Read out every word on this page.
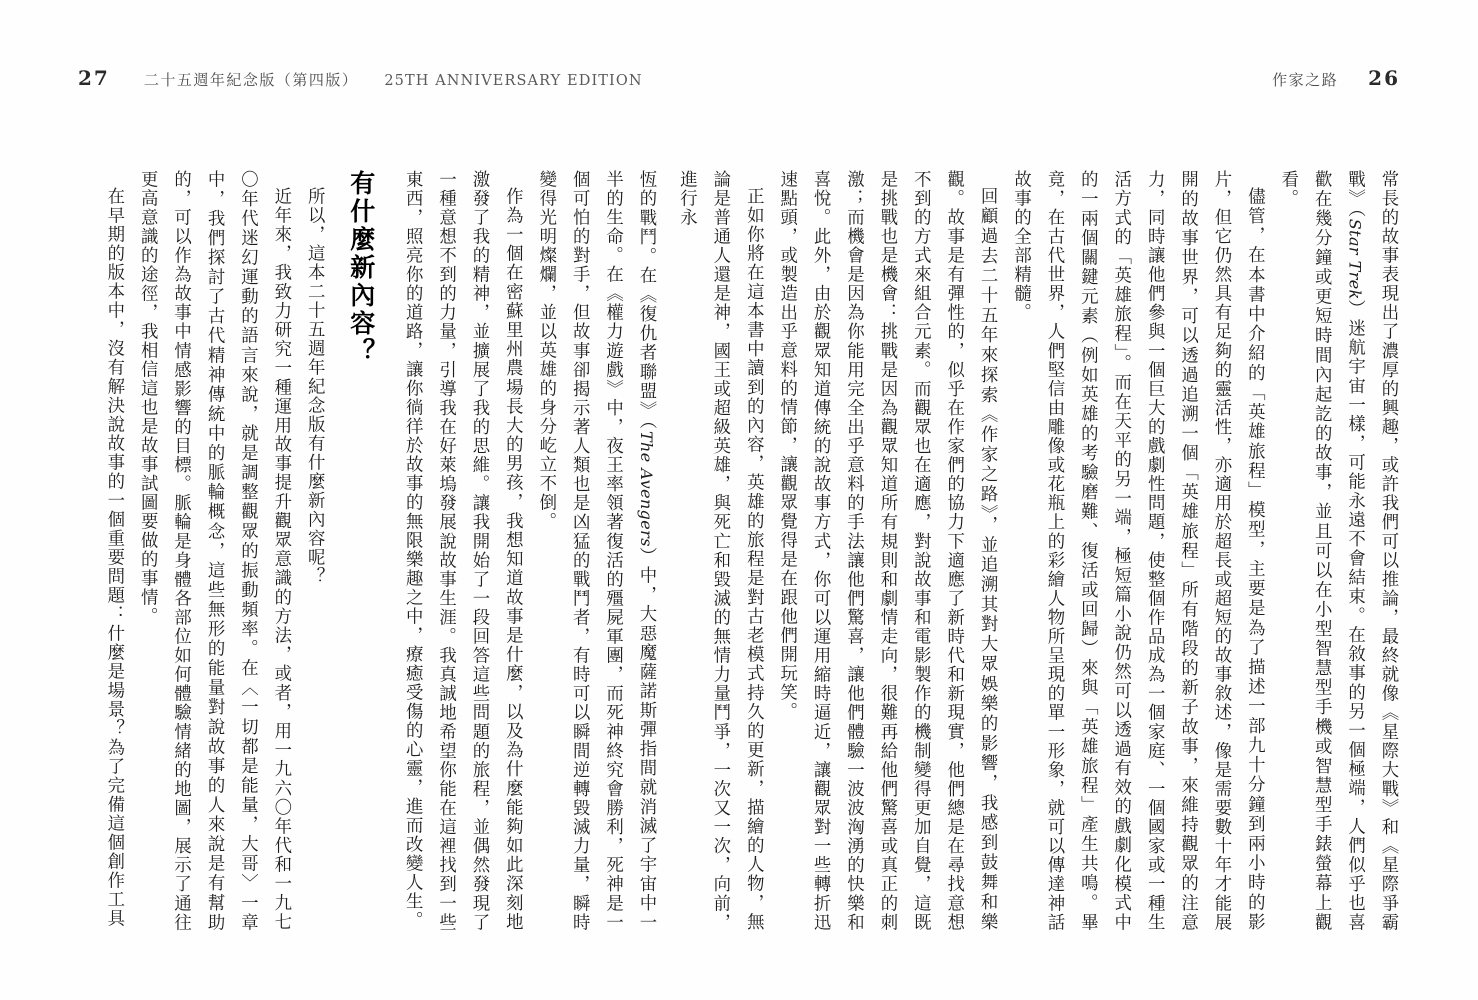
27 二十五週年紀念版（第四版） 25TH ANNIVERSARY EDITION	作家之路 26

常長的故事表現出了濃厚的興趣，或許我們可以推論，最終就像《星際大戰》和《星際爭霸戰》（Star Trek）迷航宇宙一樣，可能永遠不會結束。在敘事的另一個極端，人們似乎也喜歡在幾分鐘或更短時間內起訖的故事，並且可以在小型智慧型手機或智慧型手錶螢幕上觀看。

儘管，在本書中介紹的「英雄旅程」模型，主要是為了描述一部九十分鐘到兩小時的影片，但它仍然具有足夠的靈活性，亦適用於超長或超短的故事敘述，像是需要數十年才能展開的故事世界，可以透過追溯一個「英雄旅程」所有階段的新子故事，來維持觀眾的注意力，同時讓他們參與一個巨大的戲劇性問題，使整個作品成為一個家庭、一個國家或一種生活方式的「英雄旅程」。而在天平的另一端，極短篇小說仍然可以透過有效的戲劇化模式中的一兩個關鍵元素（例如英雄的考驗磨難、復活或回歸）來與「英雄旅程」產生共鳴。畢竟，在古代世界，人們堅信由雕像或花瓶上的彩繪人物所呈現的單一形象，就可以傳達神話故事的全部精髓。

回顧過去二十五年來探索《作家之路》，並追溯其對大眾娛樂的影響，我感到鼓舞和樂觀。故事是有彈性的，似乎在作家們的協力下適應了新時代和新現實，他們總是在尋找意想不到的方式來組合元素。而觀眾也在適應，對說故事和電影製作的機制變得更加自覺，這既是挑戰也是機會：挑戰是因為觀眾知道所有規則和劇情走向，很難再給他們驚喜或真正的刺激；而機會是因為你能用完全出乎意料的手法讓他們驚喜，讓他們體驗一波波洶湧的快樂和喜悅。此外，由於觀眾知道傳統的說故事方式，你可以運用縮時逼近，讓觀眾對一些轉折迅速點頭，或製造出乎意料的情節，讓觀眾覺得是在跟他們開玩笑。

正如你將在這本書中讀到的內容，英雄的旅程是對古老模式持久的更新，描繪的人物，無論是普通人還是神，國王或超級英雄，與死亡和毀滅的無情力量鬥爭，一次又一次，向前，進行永

恆的戰鬥。在《復仇者聯盟》（The Avengers）中，大惡魔薩諾斯彈指間就消滅了宇宙中一半的生命。在《權力遊戲》中，夜王率領著復活的殭屍軍團，而死神終究會勝利，死神是一個可怕的對手，但故事卻揭示著人類也是凶猛的戰鬥者，有時可以瞬間逆轉毀滅力量，瞬時變得光明燦爛，並以英雄的身分屹立不倒。

作為一個在密蘇里州農場長大的男孩，我想知道故事是什麼，以及為什麼能夠如此深刻地激發了我的精神，並擴展了我的思維。讓我開始了一段回答這些問題的旅程，並偶然發現了一種意想不到的力量，引導我在好萊塢發展說故事生涯。我真誠地希望你能在這裡找到一些東西，照亮你的道路，讓你徜徉於故事的無限樂趣之中，療癒受傷的心靈，進而改變人生。

有什麼新內容？

所以，這本二十五週年紀念版有什麼新內容呢？

近年來，我致力研究一種運用故事提升觀眾意識的方法，或者，用一九六〇年代和一九七〇年代迷幻運動的語言來說，就是調整觀眾的振動頻率。在〈一切都是能量，大哥〉一章中，我們探討了古代精神傳統中的脈輪概念，這些無形的能量對說故事的人來說是有幫助的，可以作為故事中情感影響的目標。脈輪是身體各部位如何體驗情緒的地圖，展示了通往更高意識的途徑，我相信這也是故事試圖要做的事情。

在早期的版本中，沒有解決說故事的一個重要問題：什麼是場景？為了完備這個創作工具
